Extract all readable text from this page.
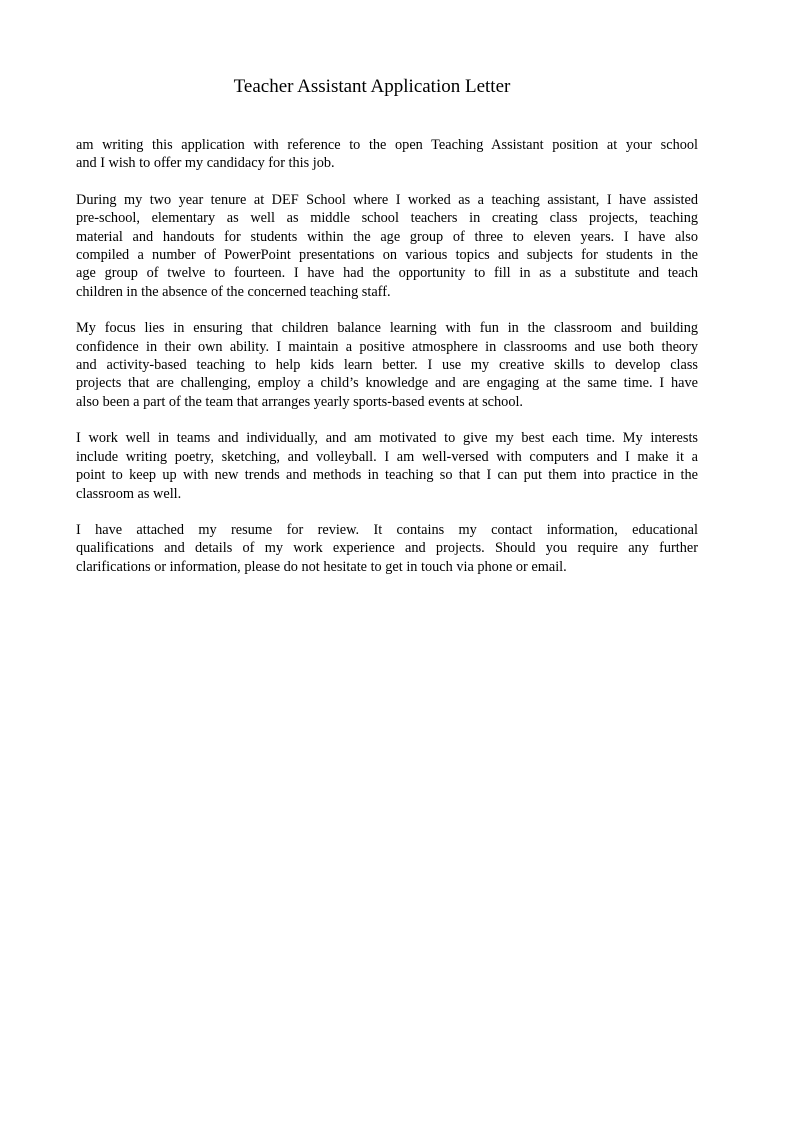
Teacher Assistant Application Letter

am writing this application with reference to the open Teaching Assistant position at your school
and I wish to offer my candidacy for this job.

During my two year tenure at DEF School where I worked as a teaching assistant, I have assisted
pre-school, elementary as well as middle school teachers in creating class projects, teaching
material and handouts for students within the age group of three to eleven years. I have also
compiled a number of PowerPoint presentations on various topics and subjects for students in the
age group of twelve to fourteen. I have had the opportunity to fill in as a substitute and teach
children in the absence of the concerned teaching staff.

My focus lies in ensuring that children balance learning with fun in the classroom and building
confidence in their own ability. I maintain a positive atmosphere in classrooms and use both theory
and activity-based teaching to help kids learn better. I use my creative skills to develop class
projects that are challenging, employ a child’s knowledge and are engaging at the same time. I have
also been a part of the team that arranges yearly sports-based events at school.

I work well in teams and individually, and am motivated to give my best each time. My interests
include writing poetry, sketching, and volleyball. I am well-versed with computers and I make it a
point to keep up with new trends and methods in teaching so that I can put them into practice in the
classroom as well.

I have attached my resume for review. It contains my contact information, educational
qualifications and details of my work experience and projects. Should you require any further
clarifications or information, please do not hesitate to get in touch via phone or email.
